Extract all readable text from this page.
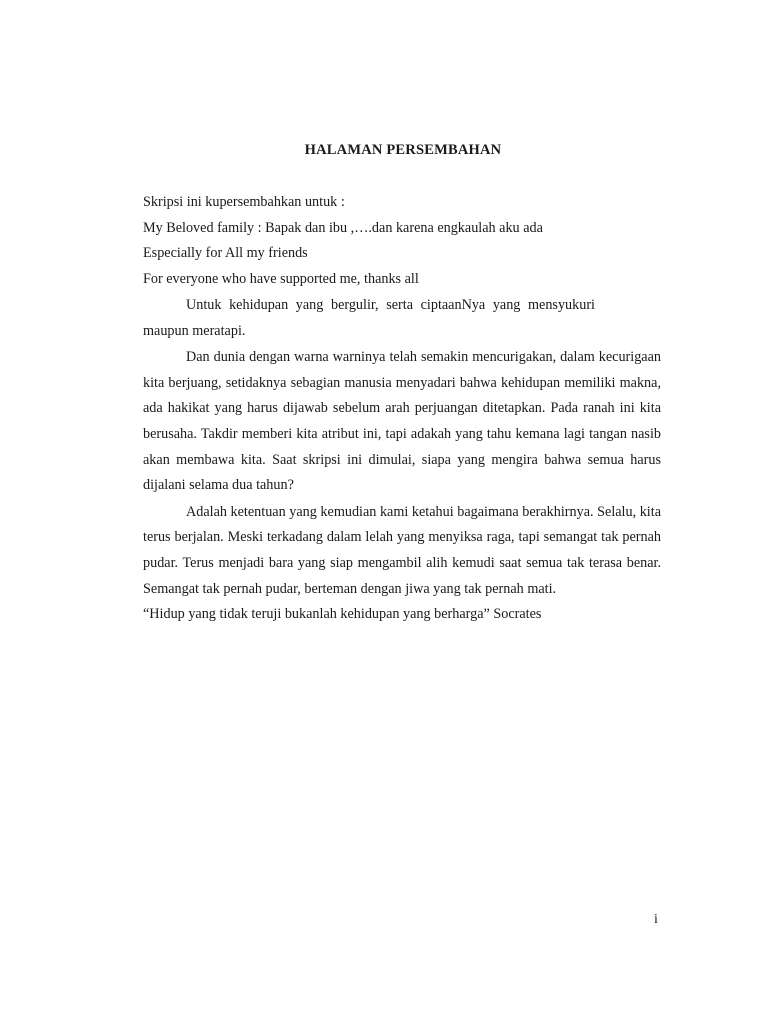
HALAMAN PERSEMBAHAN
Skripsi ini kupersembahkan untuk :
My Beloved family : Bapak dan ibu ,….dan karena engkaulah aku ada
Especially for All my friends
For everyone who have supported me, thanks all
Untuk kehidupan yang bergulir, serta ciptaanNya yang mensyukuri maupun meratapi.
Dan dunia dengan warna warninya telah semakin mencurigakan, dalam kecurigaan kita berjuang, setidaknya sebagian manusia menyadari bahwa kehidupan memiliki makna, ada hakikat yang harus dijawab sebelum arah perjuangan ditetapkan. Pada ranah ini kita berusaha. Takdir memberi kita atribut ini, tapi adakah yang tahu kemana lagi tangan nasib akan membawa kita. Saat skripsi ini dimulai, siapa yang mengira bahwa semua harus dijalani selama dua tahun?
Adalah ketentuan yang kemudian kami ketahui bagaimana berakhirnya. Selalu, kita terus berjalan. Meski terkadang dalam lelah yang menyiksa raga, tapi semangat tak pernah pudar. Terus menjadi bara yang siap mengambil alih kemudi saat semua tak terasa benar. Semangat tak pernah pudar, berteman dengan jiwa yang tak pernah mati.
“Hidup yang tidak teruji bukanlah kehidupan yang berharga” Socrates
i
